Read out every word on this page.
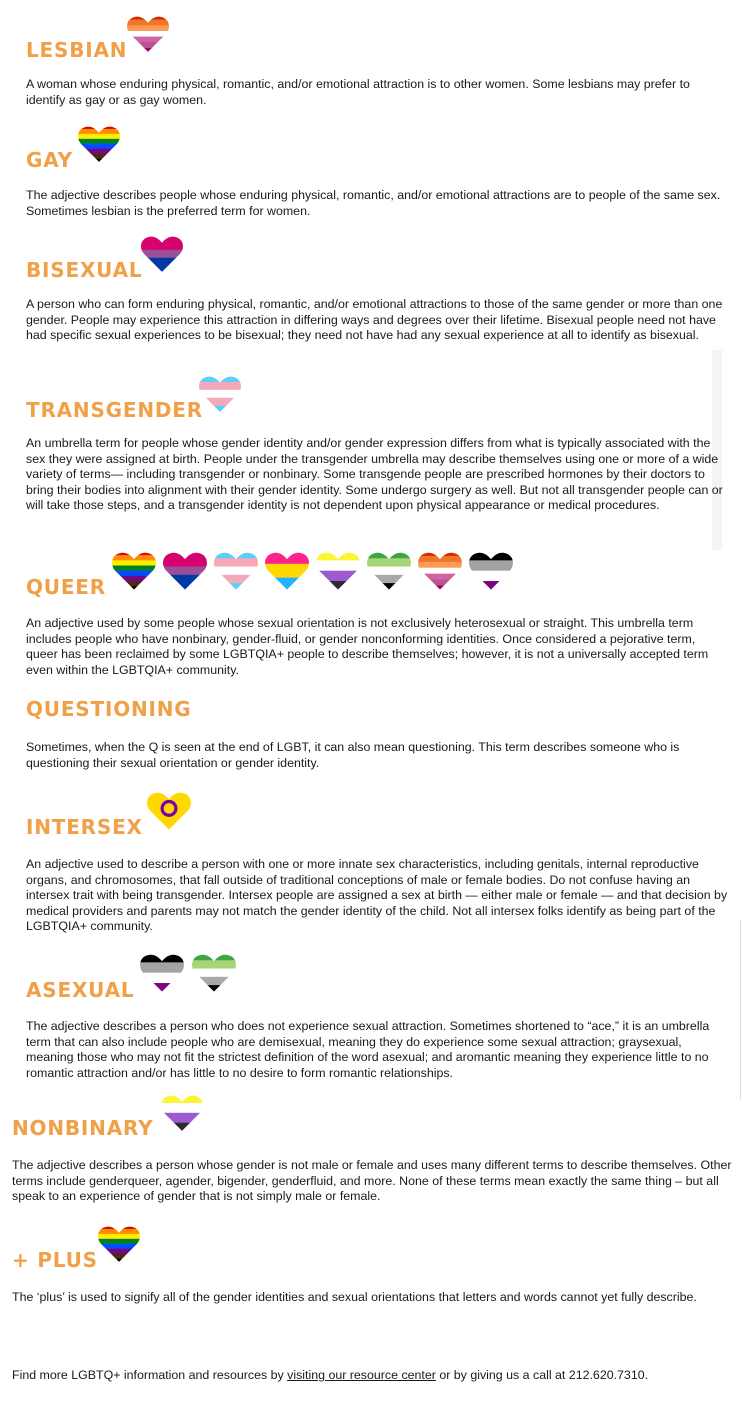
LESBIAN

A woman whose enduring physical, romantic, and/or emotional attraction is to other women. Some lesbians may prefer to identify as gay or as gay women.

GAY

The adjective describes people whose enduring physical, romantic, and/or emotional attractions are to people of the same sex. Sometimes lesbian is the preferred term for women.

BISEXUAL

A person who can form enduring physical, romantic, and/or emotional attractions to those of the same gender or more than one gender. People may experience this attraction in differing ways and degrees over their lifetime. Bisexual people need not have had specific sexual experiences to be bisexual; they need not have had any sexual experience at all to identify as bisexual.

TRANSGENDER

An umbrella term for people whose gender identity and/or gender expression differs from what is typically associated with the sex they were assigned at birth. People under the transgender umbrella may describe themselves using one or more of a wide variety of terms— including transgender or nonbinary. Some transgende people are prescribed hormones by their doctors to bring their bodies into alignment with their gender identity. Some undergo surgery as well. But not all transgender people can or will take those steps, and a transgender identity is not dependent upon physical appearance or medical procedures.

QUEER

An adjective used by some people whose sexual orientation is not exclusively heterosexual or straight. This umbrella term includes people who have nonbinary, gender-fluid, or gender nonconforming identities. Once considered a pejorative term, queer has been reclaimed by some LGBTQIA+ people to describe themselves; however, it is not a universally accepted term even within the LGBTQIA+ community.

QUESTIONING

Sometimes, when the Q is seen at the end of LGBT, it can also mean questioning. This term describes someone who is questioning their sexual orientation or gender identity.

INTERSEX

An adjective used to describe a person with one or more innate sex characteristics, including genitals, internal reproductive organs, and chromosomes, that fall outside of traditional conceptions of male or female bodies. Do not confuse having an intersex trait with being transgender. Intersex people are assigned a sex at birth — either male or female — and that decision by medical providers and parents may not match the gender identity of the child. Not all intersex folks identify as being part of the LGBTQIA+ community.

ASEXUAL

The adjective describes a person who does not experience sexual attraction. Sometimes shortened to “ace,” it is an umbrella term that can also include people who are demisexual, meaning they do experience some sexual attraction; graysexual, meaning those who may not fit the strictest definition of the word asexual; and aromantic meaning they experience little to no romantic attraction and/or has little to no desire to form romantic relationships.

NONBINARY

The adjective describes a person whose gender is not male or female and uses many different terms to describe themselves. Other terms include genderqueer, agender, bigender, genderfluid, and more. None of these terms mean exactly the same thing – but all speak to an experience of gender that is not simply male or female.

+ PLUS

The ‘plus’ is used to signify all of the gender identities and sexual orientations that letters and words cannot yet fully describe.

Find more LGBTQ+ information and resources by visiting our resource center or by giving us a call at 212.620.7310.
